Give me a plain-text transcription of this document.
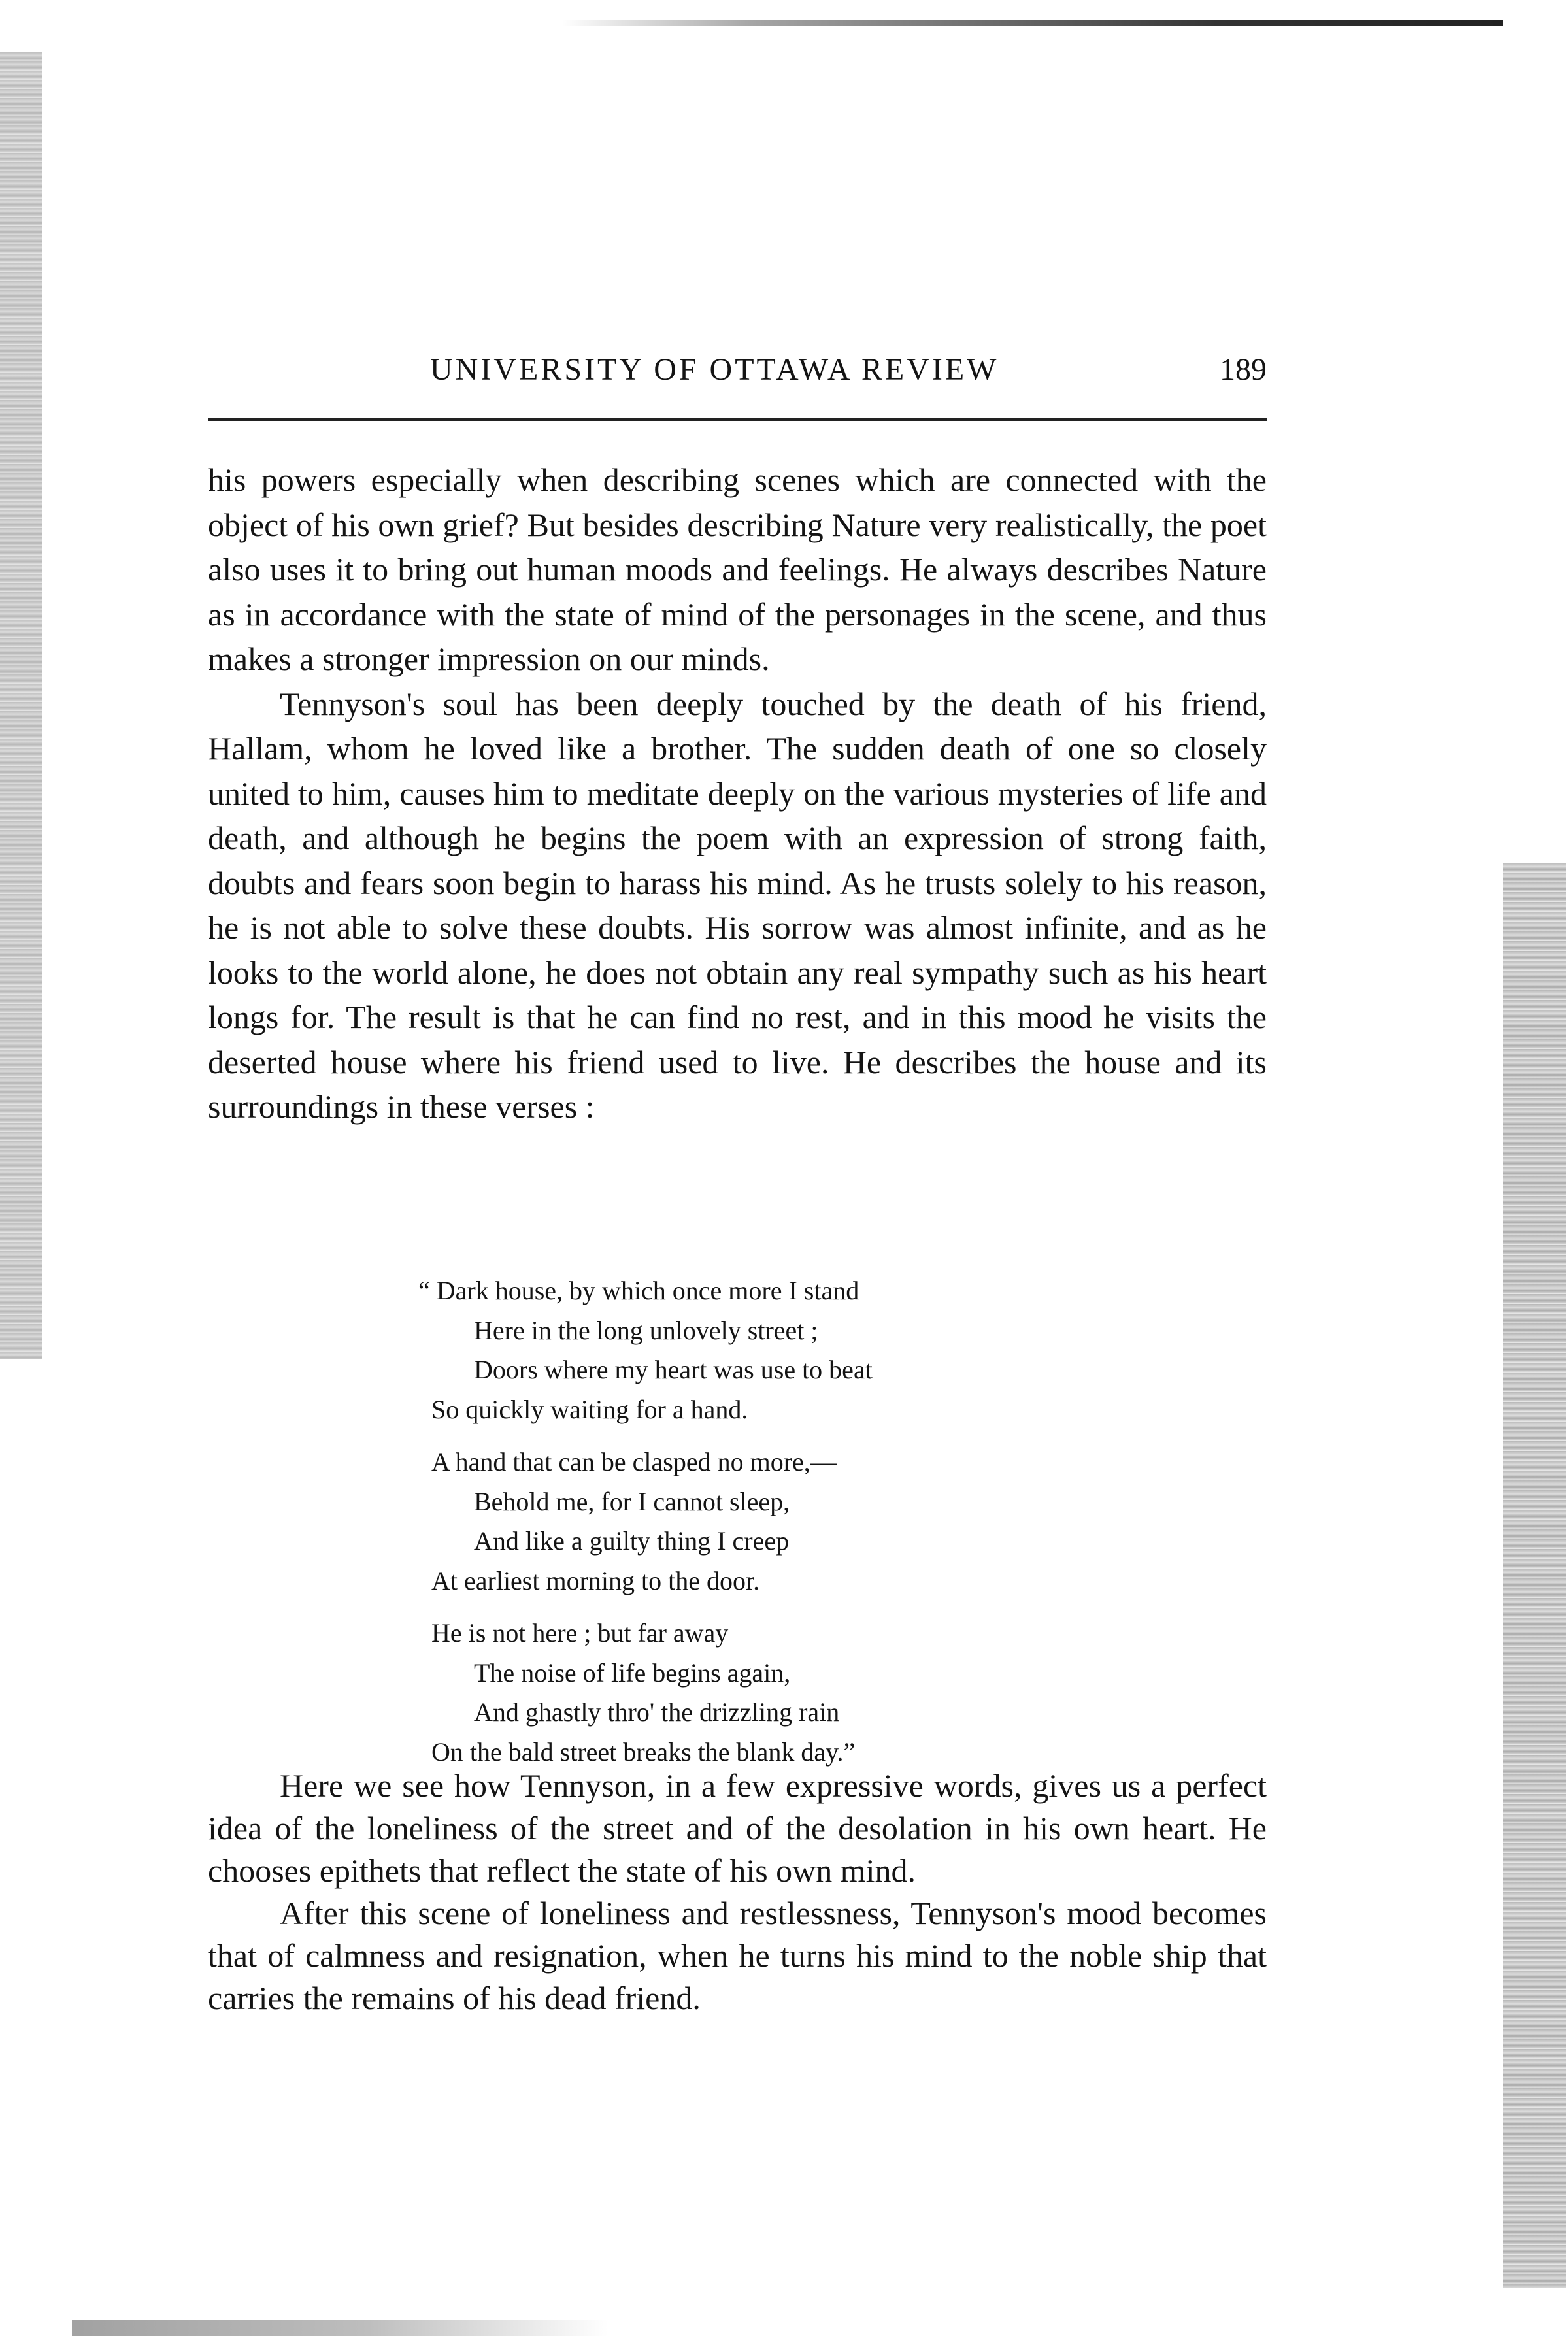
UNIVERSITY OF OTTAWA REVIEW	189

his powers especially when describing scenes which are connected with the object of his own grief? But besides describing Nature very realistically, the poet also uses it to bring out human moods and feelings. He always describes Nature as in accordance with the state of mind of the personages in the scene, and thus makes a stronger impression on our minds.

Tennyson's soul has been deeply touched by the death of his friend, Hallam, whom he loved like a brother. The sudden death of one so closely united to him, causes him to meditate deeply on the various mysteries of life and death, and although he begins the poem with an expression of strong faith, doubts and fears soon begin to harass his mind. As he trusts solely to his reason, he is not able to solve these doubts. His sorrow was almost infinite, and as he looks to the world alone, he does not obtain any real sympathy such as his heart longs for. The result is that he can find no rest, and in this mood he visits the deserted house where his friend used to live. He describes the house and its surroundings in these verses :

“ Dark house, by which once more I stand
Here in the long unlovely street ;
Doors where my heart was use to beat
So quickly waiting for a hand.
A hand that can be clasped no more,—
Behold me, for I cannot sleep,
And like a guilty thing I creep
At earliest morning to the door.
He is not here ; but far away
The noise of life begins again,
And ghastly thro' the drizzling rain
On the bald street breaks the blank day.”

Here we see how Tennyson, in a few expressive words, gives us a perfect idea of the loneliness of the street and of the desolation in his own heart. He chooses epithets that reflect the state of his own mind.

After this scene of loneliness and restlessness, Tennyson's mood becomes that of calmness and resignation, when he turns his mind to the noble ship that carries the remains of his dead friend.
